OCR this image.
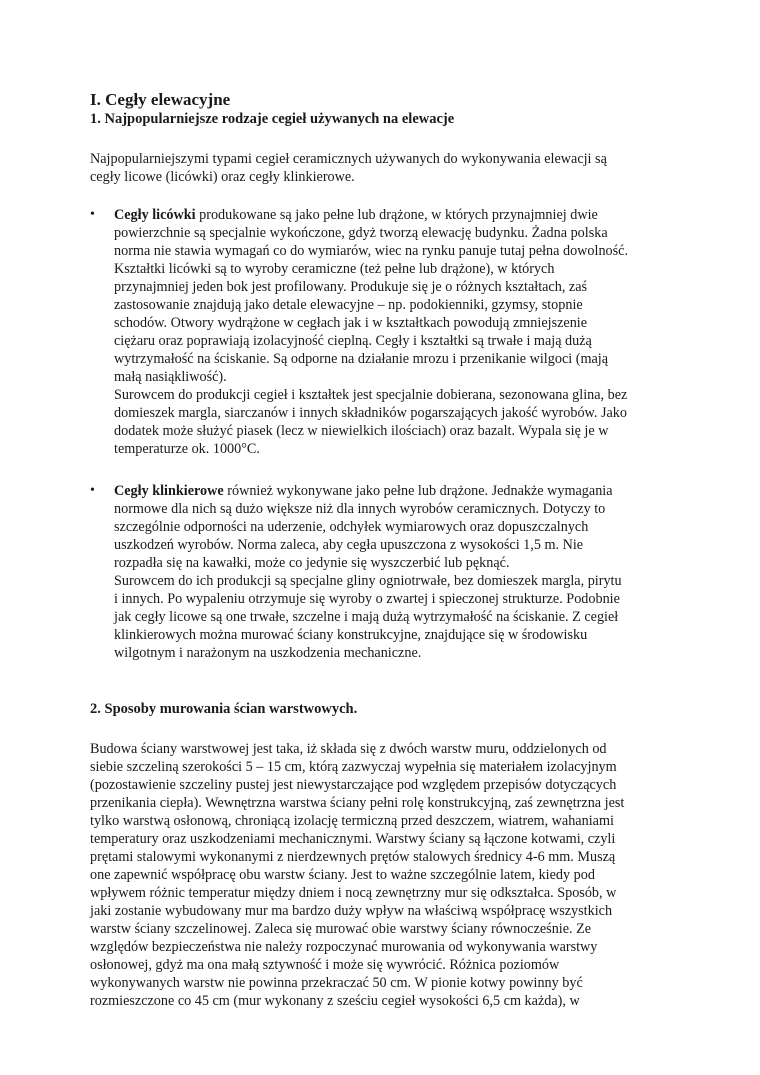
I. Cegły elewacyjne
1. Najpopularniejsze rodzaje cegieł używanych na elewacje

Najpopularniejszymi typami cegieł ceramicznych używanych do wykonywania elewacji są
cegły licowe (licówki) oraz cegły klinkierowe.

• Cegły licówki produkowane są jako pełne lub drążone, w których przynajmniej dwie
powierzchnie są specjalnie wykończone, gdyż tworzą elewację budynku. Żadna polska
norma nie stawia wymagań co do wymiarów, wiec na rynku panuje tutaj pełna dowolność.
Kształtki licówki są to wyroby ceramiczne (też pełne lub drążone), w których
przynajmniej jeden bok jest profilowany. Produkuje się je o różnych kształtach, zaś
zastosowanie znajdują jako detale elewacyjne – np. podokienniki, gzymsy, stopnie
schodów. Otwory wydrążone w cegłach jak i w kształtkach powodują zmniejszenie
ciężaru oraz poprawiają izolacyjność cieplną. Cegły i kształtki są trwałe i mają dużą
wytrzymałość na ściskanie. Są odporne na działanie mrozu i przenikanie wilgoci (mają
małą nasiąkliwość).
Surowcem do produkcji cegieł i kształtek jest specjalnie dobierana, sezonowana glina, bez
domieszek margla, siarczanów i innych składników pogarszających jakość wyrobów. Jako
dodatek może służyć piasek (lecz w niewielkich ilościach) oraz bazalt. Wypala się je w
temperaturze ok. 1000°C.
• Cegły klinkierowe również wykonywane jako pełne lub drążone. Jednakże wymagania
normowe dla nich są dużo większe niż dla innych wyrobów ceramicznych. Dotyczy to
szczególnie odporności na uderzenie, odchyłek wymiarowych oraz dopuszczalnych
uszkodzeń wyrobów. Norma zaleca, aby cegła upuszczona z wysokości 1,5 m. Nie
rozpadła się na kawałki, może co jedynie się wyszczerbić lub pęknąć.
Surowcem do ich produkcji są specjalne gliny ogniotrwałe, bez domieszek margla, pirytu
i innych. Po wypaleniu otrzymuje się wyroby o zwartej i spieczonej strukturze. Podobnie
jak cegły licowe są one trwałe, szczelne i mają dużą wytrzymałość na ściskanie. Z cegieł
klinkierowych można murować ściany konstrukcyjne, znajdujące się w środowisku
wilgotnym i narażonym na uszkodzenia mechaniczne.
2. Sposoby murowania ścian warstwowych.

Budowa ściany warstwowej jest taka, iż składa się z dwóch warstw muru, oddzielonych od
siebie szczeliną szerokości 5 – 15 cm, którą zazwyczaj wypełnia się materiałem izolacyjnym
(pozostawienie szczeliny pustej jest niewystarczające pod względem przepisów dotyczących
przenikania ciepła). Wewnętrzna warstwa ściany pełni rolę konstrukcyjną, zaś zewnętrzna jest
tylko warstwą osłonową, chroniącą izolację termiczną przed deszczem, wiatrem, wahaniami
temperatury oraz uszkodzeniami mechanicznymi. Warstwy ściany są łączone kotwami, czyli
prętami stalowymi wykonanymi z nierdzewnych prętów stalowych średnicy 4-6 mm. Muszą
one zapewnić współpracę obu warstw ściany. Jest to ważne szczególnie latem, kiedy pod
wpływem różnic temperatur między dniem i nocą zewnętrzny mur się odkształca. Sposób, w
jaki zostanie wybudowany mur ma bardzo duży wpływ na właściwą współpracę wszystkich
warstw ściany szczelinowej. Zaleca się murować obie warstwy ściany równocześnie. Ze
względów bezpieczeństwa nie należy rozpoczynać murowania od wykonywania warstwy
osłonowej, gdyż ma ona małą sztywność i może się wywrócić. Różnica poziomów
wykonywanych warstw nie powinna przekraczać 50 cm. W pionie kotwy powinny być
rozmieszczone co 45 cm (mur wykonany z sześciu cegieł wysokości 6,5 cm każda), w
